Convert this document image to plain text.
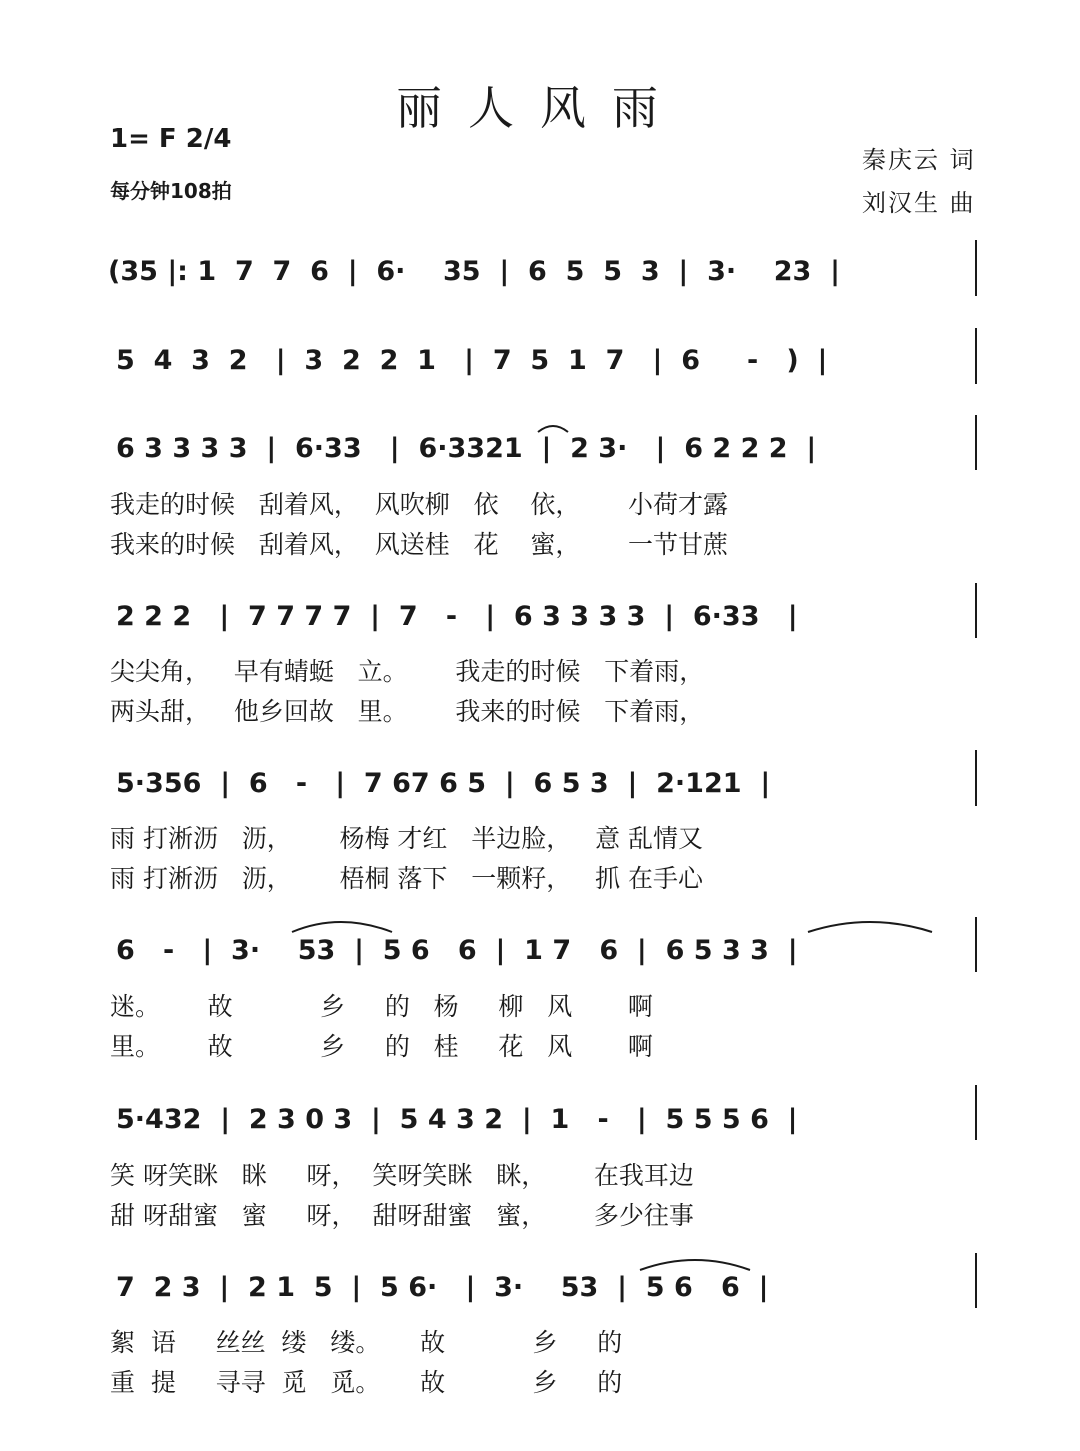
丽人风雨
1= F 2/4
每分钟108拍
秦庆云 词
刘汉生 曲
(35 |: 1  7  7  6  |  6·    35  |  6  5  5  3  |  3·    23  |
5  4  3  2   |  3  2  2  1   |  7  5  1  7   |  6     -   )  |
6 3 3 3 3  |  6·33   |  6·3321  |  2 3·   |  6 2 2 2  |
我走的时候   刮着风，  风吹柳   依    依，      小荷才露
我来的时候   刮着风，  风送桂   花    蜜，      一节甘蔗
2 2 2   |  7 7 7 7  |  7   -   |  6 3 3 3 3  |  6·33   |
尖尖角，   早有蜻蜓   立。      我走的时候   下着雨，
两头甜，   他乡回故   里。      我来的时候   下着雨，
5·356  |  6   -   |  7 67 6 5  |  6 5 3  |  2·121  |
雨 打淅沥   沥，      杨梅 才红   半边脸，   意 乱情又
雨 打淅沥   沥，      梧桐 落下   一颗籽，   抓 在手心
6   -   |  3·    53  |  5 6   6  |  1 7   6  |  6 5 3 3  |
迷。      故           乡     的   杨     柳   风       啊
里。      故           乡     的   桂     花   风       啊
5·432  |  2 3 0 3  |  5 4 3 2  |  1   -   |  5 5 5 6  |
笑 呀笑眯   眯     呀，  笑呀笑眯   眯，      在我耳边
甜 呀甜蜜   蜜     呀，  甜呀甜蜜   蜜，      多少往事
7  2 3  |  2 1  5  |  5 6·   |  3·    53  |  5 6   6  |
絮  语     丝丝  缕   缕。     故           乡     的
重  提     寻寻  觅   觅。     故           乡     的
